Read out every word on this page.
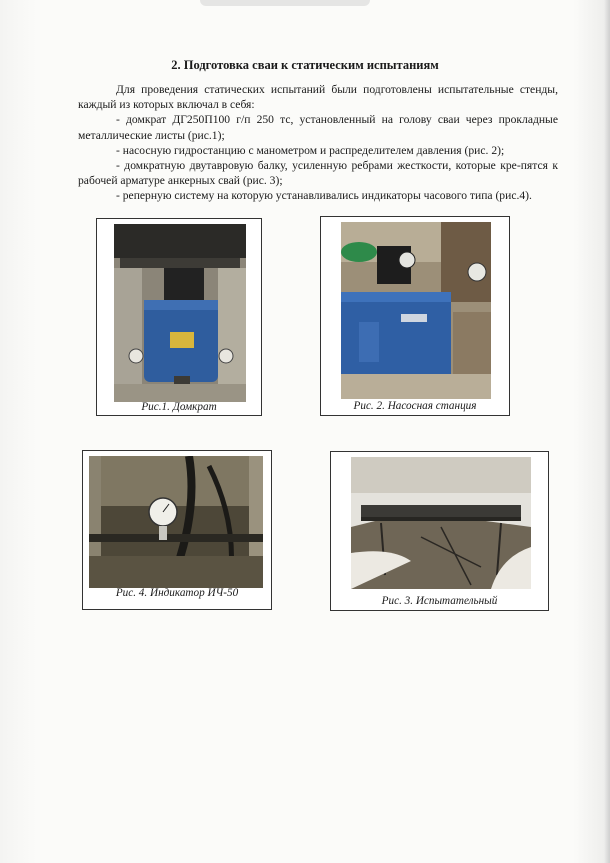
2. Подготовка сваи к статическим испытаниям

Для проведения статических испытаний были подготовлены испытательные стенды, каждый из которых включал в себя:

- домкрат ДГ250П100 г/п 250 тс, установленный на голову сваи через прокладные металлические листы (рис.1);

- насосную гидростанцию с манометром и распределителем давления (рис. 2);

- домкратную двутавровую балку, усиленную ребрами жесткости, которые кре-пятся к рабочей арматуре анкерных свай (рис. 3);

- реперную систему на которую устанавливались индикаторы часового типа (рис.4).

Рис.1. Домкрат	Рис. 2. Насосная станция
Рис. 4. Индикатор ИЧ-50
Рис. 3. Испытательный
